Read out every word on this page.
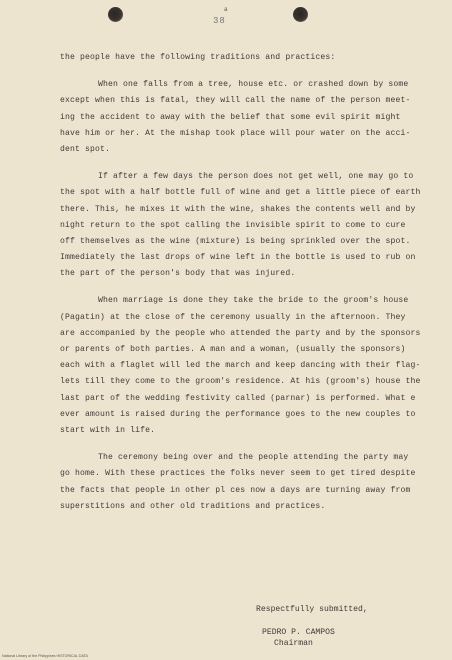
a
38
the people have the following traditions and practices:
When one falls from a tree, house etc. or crashed down by some
except when this is fatal, they will call the name of the person meet-
ing the accident to away with the belief that some evil spirit might
have him or her. At the mishap took place will pour water on the acci-
dent spot.
If after a few days the person does not get well, one may go to
the spot with a half bottle full of wine and get a little piece of earth
there. This, he mixes it with the wine, shakes the contents well and by
night return to the spot calling the invisible spirit to come to cure
off themselves as the wine (mixture) is being sprinkled over the spot.
Immediately the last drops of wine left in the bottle is used to rub on
the part of the person's body that was injured.
When marriage is done they take the bride to the groom's house
(Pagatin) at the close of the ceremony usually in the afternoon. They
are accompanied by the people who attended the party and by the sponsors
or parents of both parties. A man and a woman, (usually the sponsors)
each with a flaglet will led the march and keep dancing with their flag-
lets till they come to the groom's residence. At his (groom's) house the
last part of the wedding festivity called (parnar) is performed. What e
ever amount is raised during the performance goes to the new couples to
start with in life.
The ceremony being over and the people attending the party may
go home. With these practices the folks never seem to get tired despite
the facts that people in other pl ces now a days are turning away from
superstitions and other old traditions and practices.
Respectfully submitted,
PEDRO P. CAMPOS
Chairman
National Library of the Philippines HISTORICAL DATA
